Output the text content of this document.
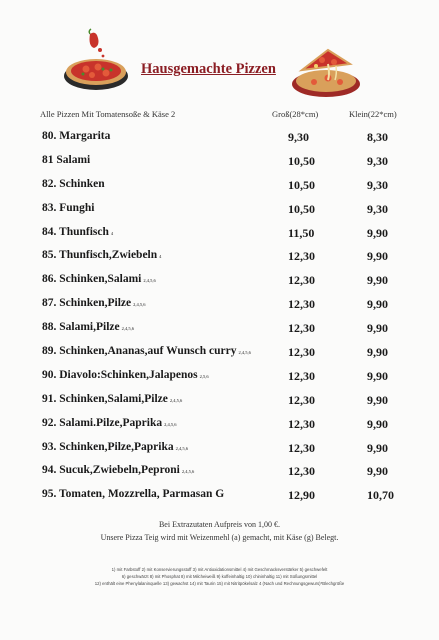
Hausgemachte Pizzen
Alle Pizzen Mit Tomatensoße & Käse 2	Groß(28*cm)	Klein(22*cm)
80. Margarita	9,30	8,30
81 Salami	10,50	9,30
82. Schinken	10,50	9,30
83. Funghi	10,50	9,30
84. Thunfisch 4	11,50	9,90
85. Thunfisch,Zwiebeln 4	12,30	9,90
86. Schinken,Salami 2,4,5,6	12,30	9,90
87. Schinken,Pilze 2,4,5,6	12,30	9,90
88. Salami,Pilze 2,4,5,6	12,30	9,90
89. Schinken,Ananas,auf Wunsch curry 2,4,5,6	12,30	9,90
90. Diavolo:Schinken,Jalapenos 2,5,6	12,30	9,90
91. Schinken,Salami,Pilze 2,4,5,6	12,30	9,90
92. Salami.Pilze,Paprika 2,4,5,6	12,30	9,90
93. Schinken,Pilze,Paprika 2,4,5,6	12,30	9,90
94. Sucuk,Zwiebeln,Peproni 2,4,5,6	12,30	9,90
95. Tomaten, Mozzrella, Parmasan G	12,90	10,70
Bei Extrazutaten Aufpreis von 1,00 €.
Unsere Pizza Teig wird mit Weizenmehl (a) gemacht, mit Käse (g) Belegt.
1) mit Farbstoff 2) mit Konservierungsstoff 3) mit Antioxidationsmittel 4) mit Geschmacksverstärker 5) geschwefelt
6) geschwärzt 8) mit Phosphat 8) mit Milcheiweiß 9) koffeinhaltig 10) chininhaltig 11) mit Süßungsmittel
12) enthält eine Phenylalaninquelle 13) gewachst 14) mit Taurin 15) mit Nitritpökelsalz 4 (Nach und Rechnungsgewurs)*Blechgröße
